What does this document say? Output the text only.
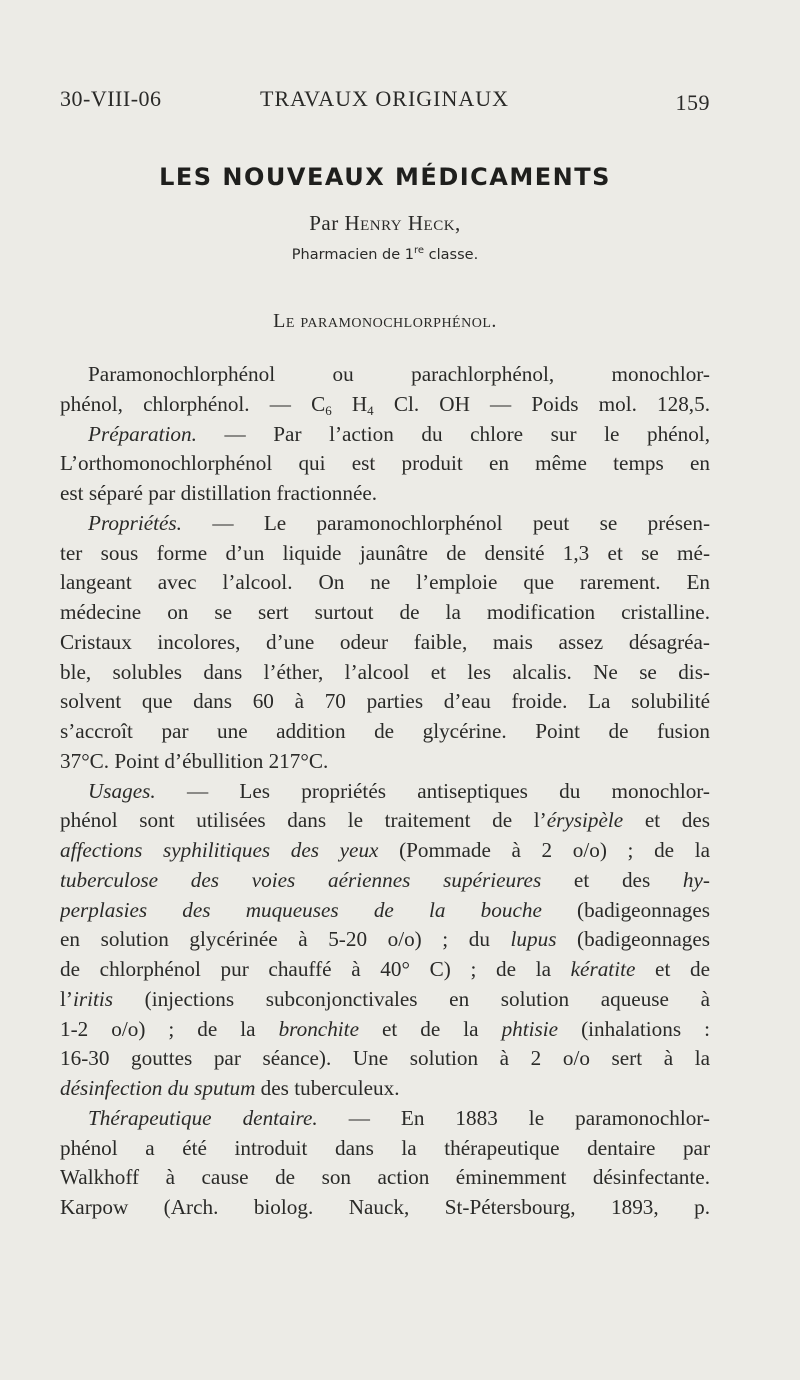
30-VIII-06	TRAVAUX ORIGINAUX	159
LES NOUVEAUX MÉDICAMENTS
Par Henry Heck,
Pharmacien de 1re classe.
Le paramonochlorphénol.
Paramonochlorphénol ou parachlorphénol, monochlor-
phénol, chlorphénol. — $C_6$ $H_4$ Cl. OH — Poids mol. 128,5.
Préparation. — Par l’action du chlore sur le phénol,
L’orthomonochlorphénol qui est produit en même temps en
est séparé par distillation fractionnée.
Propriétés. — Le paramonochlorphénol peut se présen-
ter sous forme d’un liquide jaunâtre de densité 1,3 et se mé-
langeant avec l’alcool. On ne l’emploie que rarement. En
médecine on se sert surtout de la modification cristalline.
Cristaux incolores, d’une odeur faible, mais assez désagréa-
ble, solubles dans l’éther, l’alcool et les alcalis. Ne se dis-
solvent que dans 60 à 70 parties d’eau froide. La solubilité
s’accroît par une addition de glycérine. Point de fusion
37°C. Point d’ébullition 217°C.
Usages. — Les propriétés antiseptiques du monochlor-
phénol sont utilisées dans le traitement de l’érysipèle et des
affections syphilitiques des yeux (Pommade à 2 o/o) ; de la
tuberculose des voies aériennes supérieures et des hy-
perplasies des muqueuses de la bouche (badigeonnages
en solution glycérinée à 5-20 o/o) ; du lupus (badigeonnages
de chlorphénol pur chauffé à 40° C) ; de la kératite et de
l’iritis (injections subconjonctivales en solution aqueuse à
1-2 o/o) ; de la bronchite et de la phtisie (inhalations :
16-30 gouttes par séance). Une solution à 2 o/o sert à la
désinfection du sputum des tuberculeux.
Thérapeutique dentaire. — En 1883 le paramonochlor-
phénol a été introduit dans la thérapeutique dentaire par
Walkhoff à cause de son action éminemment désinfectante.
Karpow (Arch. biolog. Nauck, St-Pétersbourg, 1893, p.
